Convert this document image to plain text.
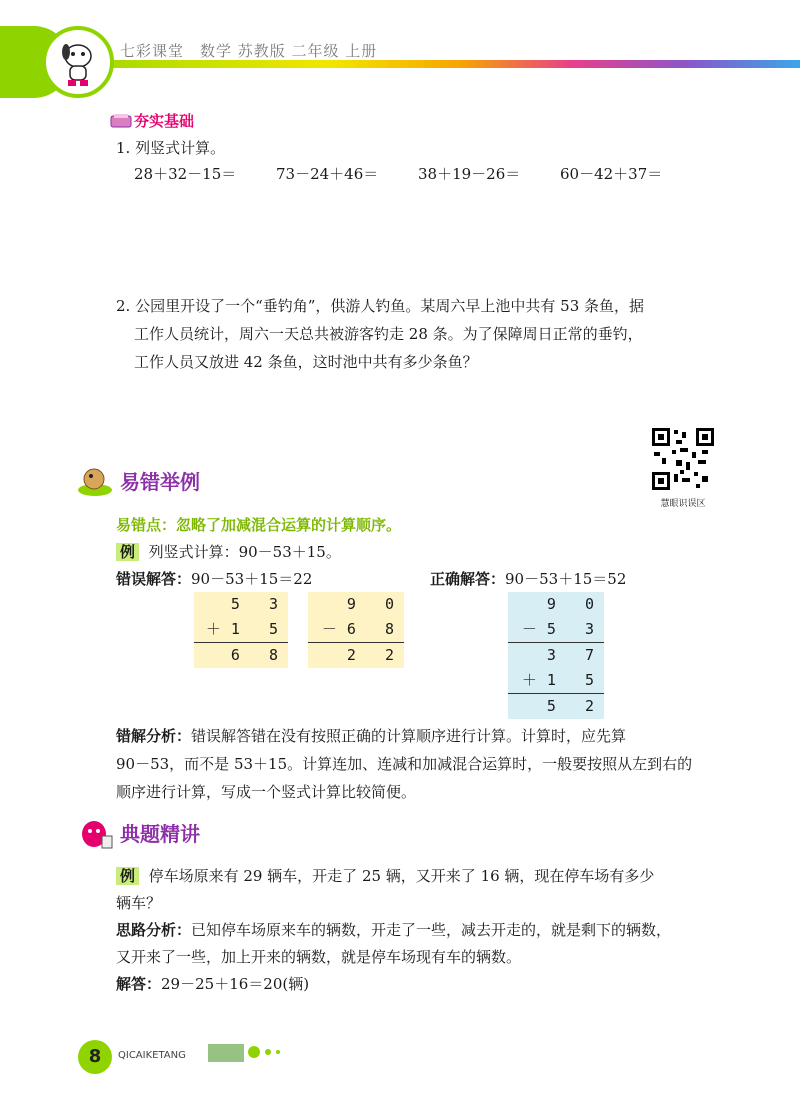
七彩课堂　数学 苏教版 二年级 上册
夯实基础
1. 列竖式计算。
28＋32－15＝	73－24＋46＝	38＋19－26＝	60－42＋37＝
2. 公园里开设了一个“垂钓角”，供游人钓鱼。某周六早上池中共有 53 条鱼，据
工作人员统计，周六一天总共被游客钓走 28 条。为了保障周日正常的垂钓，
工作人员又放进 42 条鱼，这时池中共有多少条鱼？
慧眼识误区
易错举例
易错点：忽略了加减混合运算的计算顺序。
例 列竖式计算：90－53＋15。
错误解答：90－53＋15＝22	正确解答：90－53＋15＝52
5 3
＋1 5
6 8
9 0
－6 8
2 2
9 0
－5 3
3 7
＋1 5
5 2
错解分析：错误解答错在没有按照正确的计算顺序进行计算。计算时，应先算
90－53，而不是 53＋15。计算连加、连减和加减混合运算时，一般要按照从左到右的
顺序进行计算，写成一个竖式计算比较简便。
典题精讲
例 停车场原来有 29 辆车，开走了 25 辆，又开来了 16 辆，现在停车场有多少
辆车？
思路分析：已知停车场原来车的辆数，开走了一些，减去开走的，就是剩下的辆数，
又开来了一些，加上开来的辆数，就是停车场现有车的辆数。
解答：29－25＋16＝20(辆)
8	QICAIKETANG
